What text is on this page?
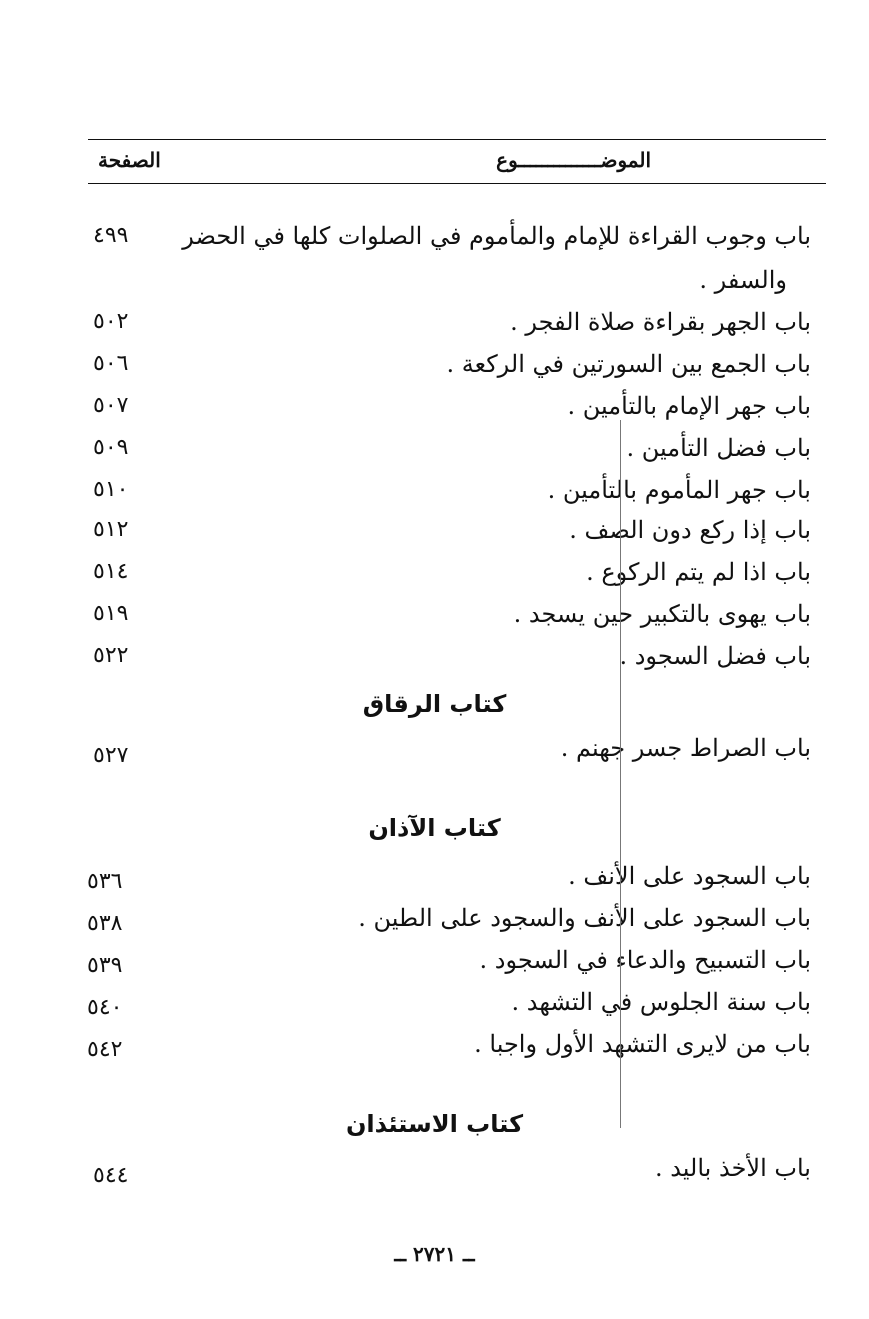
الموضــــــــــــــوع
الصفحة
باب وجوب القراءة للإمام والمأموم في الصلوات كلها في الحضر
٤٩٩
والسفر .
باب الجهر بقراءة صلاة الفجر .
٥٠٢
باب الجمع بين السورتين في الركعة .
٥٠٦
باب جهر الإمام بالتأمين .
٥٠٧
باب فضل التأمين .
٥٠٩
باب جهر المأموم بالتأمين .
٥١٠
باب إذا ركع دون الصف .
٥١٢
باب اذا لم يتم الركوع .
٥١٤
باب يهوى بالتكبير حين يسجد .
٥١٩
باب فضل السجود .
٥٢٢
كتاب الرقاق
باب الصراط جسر جهنم .
٥٢٧
كتاب الآذان
باب السجود على الأنف .
٥٣٦
باب السجود على الأنف والسجود على الطين .
٥٣٨
باب التسبيح والدعاء في السجود .
٥٣٩
باب سنة الجلوس في التشهد .
٥٤٠
باب من لايرى التشهد الأول واجبا .
٥٤٢
كتاب الاستئذان
باب الأخذ باليد .
٥٤٤
ــ ٢٧٢١ ــ
